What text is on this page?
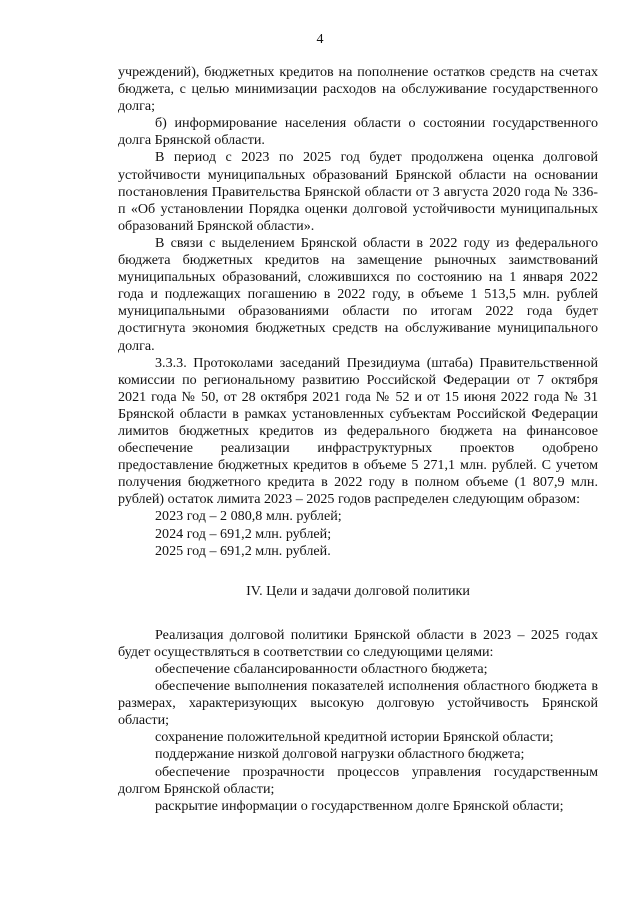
4

учреждений), бюджетных кредитов на пополнение остатков средств на счетах бюджета, с целью минимизации расходов на обслуживание государственного долга;

б) информирование населения области о состоянии государственного долга Брянской области.

В период с 2023 по 2025 год будет продолжена оценка долговой устойчивости муниципальных образований Брянской области на основании постановления Правительства Брянской области от 3 августа 2020 года № 336-п «Об установлении Порядка оценки долговой устойчивости муниципальных образований Брянской области».

В связи с выделением Брянской области в 2022 году из федерального бюджета бюджетных кредитов на замещение рыночных заимствований муниципальных образований, сложившихся по состоянию на 1 января 2022 года и подлежащих погашению в 2022 году, в объеме 1 513,5 млн. рублей муниципальными образованиями области по итогам 2022 года будет достигнута экономия бюджетных средств на обслуживание муниципального долга.

3.3.3. Протоколами заседаний Президиума (штаба) Правительственной комиссии по региональному развитию Российской Федерации от 7 октября 2021 года № 50, от 28 октября 2021 года № 52 и от 15 июня 2022 года № 31 Брянской области в рамках установленных субъектам Российской Федерации лимитов бюджетных кредитов из федерального бюджета на финансовое обеспечение реализации инфраструктурных проектов одобрено предоставление бюджетных кредитов в объеме 5 271,1 млн. рублей. С учетом получения бюджетного кредита в 2022 году в полном объеме (1 807,9 млн. рублей) остаток лимита 2023 – 2025 годов распределен следующим образом:

2023 год – 2 080,8 млн. рублей;

2024 год – 691,2 млн. рублей;

2025 год – 691,2 млн. рублей.

IV. Цели и задачи долговой политики

Реализация долговой политики Брянской области в 2023 – 2025 годах будет осуществляться в соответствии со следующими целями:

обеспечение сбалансированности областного бюджета;

обеспечение выполнения показателей исполнения областного бюджета в размерах, характеризующих высокую долговую устойчивость Брянской области;

сохранение положительной кредитной истории Брянской области;

поддержание низкой долговой нагрузки областного бюджета;

обеспечение прозрачности процессов управления государственным долгом Брянской области;

раскрытие информации о государственном долге Брянской области;
